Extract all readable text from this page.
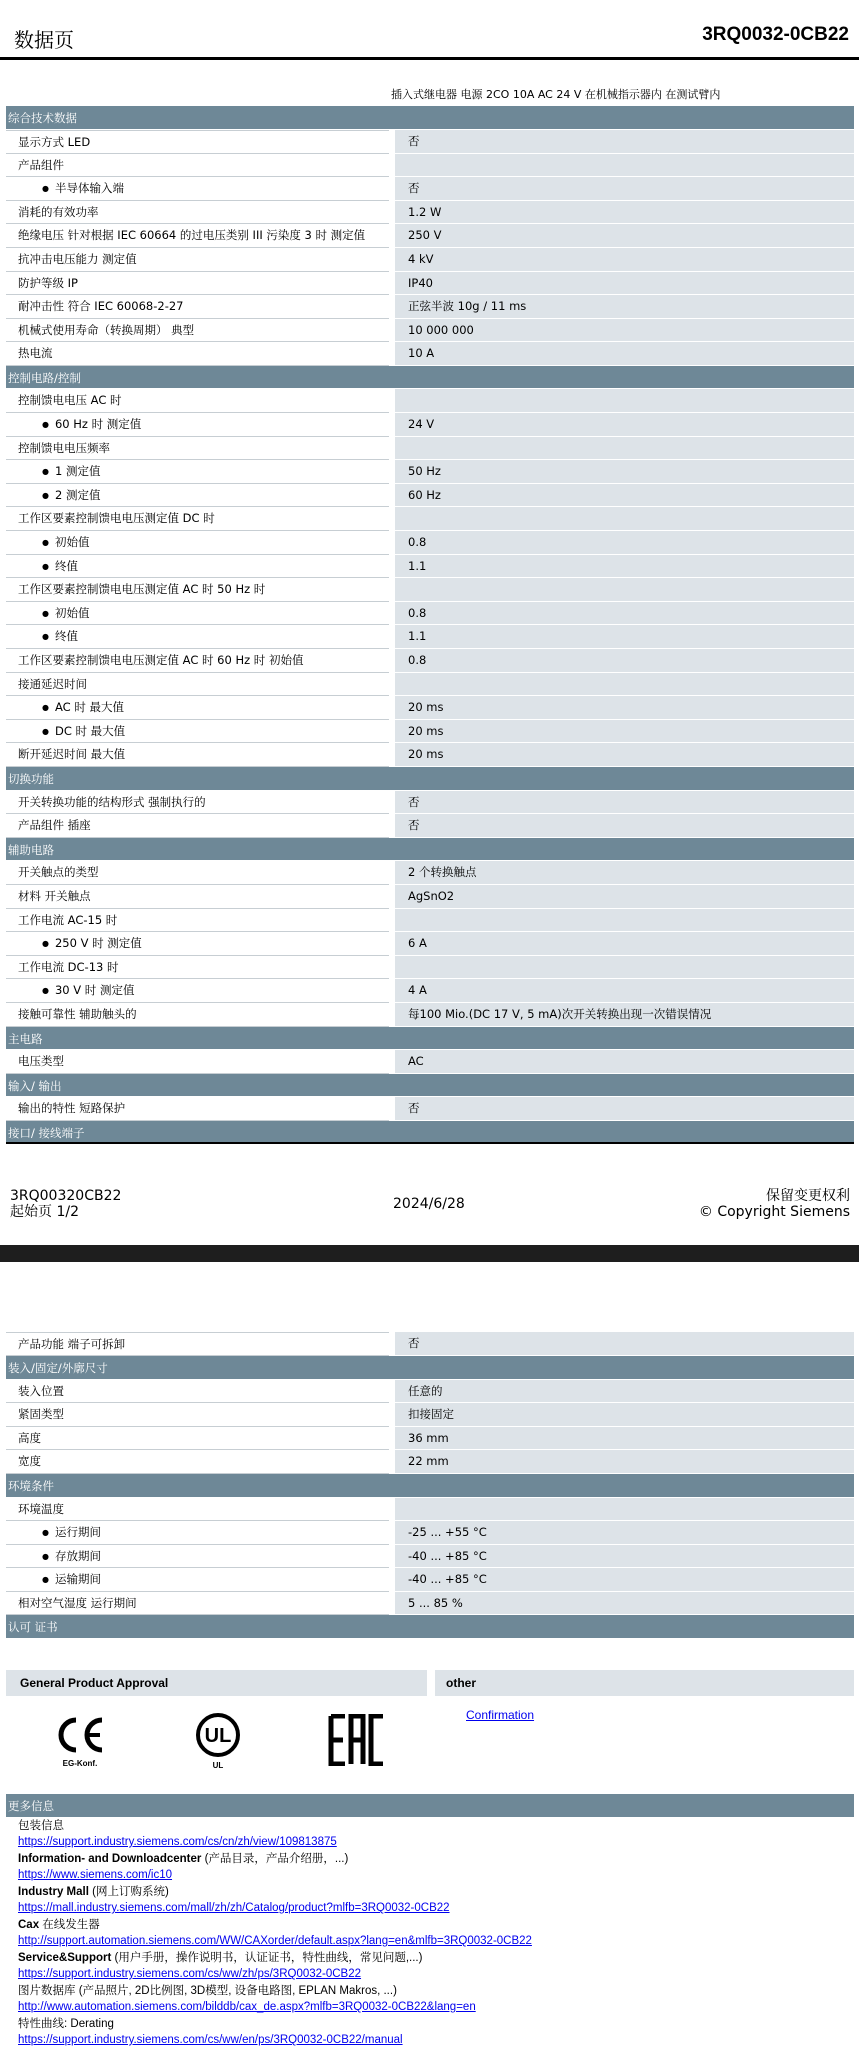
数据页	3RQ0032-0CB22
插入式继电器 电源 2CO 10A AC 24 V 在机械指示器内 在测试臂内
综合技术数据
显示方式 LED	否
产品组件
● 半导体输入端	否
消耗的有效功率	1.2 W
绝缘电压 针对根据 IEC 60664 的过电压类别 III 污染度 3 时 测定值	250 V
抗冲击电压能力 测定值	4 kV
防护等级 IP	IP40
耐冲击性 符合 IEC 60068-2-27	正弦半波 10g / 11 ms
机械式使用寿命（转换周期） 典型	10 000 000
热电流	10 A
控制电路/控制
控制馈电电压 AC 时
● 60 Hz 时 测定值	24 V
控制馈电电压频率
● 1 测定值	50 Hz
● 2 测定值	60 Hz
工作区要素控制馈电电压测定值 DC 时
● 初始值	0.8
● 终值	1.1
工作区要素控制馈电电压测定值 AC 时 50 Hz 时
● 初始值	0.8
● 终值	1.1
工作区要素控制馈电电压测定值 AC 时 60 Hz 时 初始值	0.8
接通延迟时间
● AC 时 最大值	20 ms
● DC 时 最大值	20 ms
断开延迟时间 最大值	20 ms
切换功能
开关转换功能的结构形式 强制执行的	否
产品组件 插座	否
辅助电路
开关触点的类型	2 个转换触点
材料 开关触点	AgSnO2
工作电流 AC-15 时
● 250 V 时 测定值	6 A
工作电流 DC-13 时
● 30 V 时 测定值	4 A
接触可靠性 辅助触头的	每100 Mio.(DC 17 V, 5 mA)次开关转换出现一次错误情况
主电路
电压类型	AC
输入/ 输出
输出的特性 短路保护	否
接口/ 接线端子
3RQ00320CB22
起始页 1/2	2024/6/28	保留变更权利
© Copyright Siemens
产品功能 端子可拆卸	否
装入/固定/外廓尺寸
装入位置	任意的
紧固类型	扣接固定
高度	36 mm
宽度	22 mm
环境条件
环境温度
● 运行期间	-25 ... +55 °C
● 存放期间	-40 ... +85 °C
● 运输期间	-40 ... +85 °C
相对空气湿度 运行期间	5 ... 85 %
认可 证书
General Product Approval	other
EG-Konf.
UL
UL
Confirmation
更多信息
包装信息
https://support.industry.siemens.com/cs/cn/zh/view/109813875
Information- and Downloadcenter (产品目录，产品介绍册，...)
https://www.siemens.com/ic10
Industry Mall (网上订购系统)
https://mall.industry.siemens.com/mall/zh/zh/Catalog/product?mlfb=3RQ0032-0CB22
Cax 在线发生器
http://support.automation.siemens.com/WW/CAXorder/default.aspx?lang=en&mlfb=3RQ0032-0CB22
Service&Support (用户手册，操作说明书，认证证书，特性曲线，常见问题,...)
https://support.industry.siemens.com/cs/ww/zh/ps/3RQ0032-0CB22
图片数据库 (产品照片, 2D比例图, 3D模型, 设备电路图, EPLAN Makros, ...)
http://www.automation.siemens.com/bilddb/cax_de.aspx?mlfb=3RQ0032-0CB22&lang=en
特性曲线: Derating
https://support.industry.siemens.com/cs/ww/en/ps/3RQ0032-0CB22/manual
